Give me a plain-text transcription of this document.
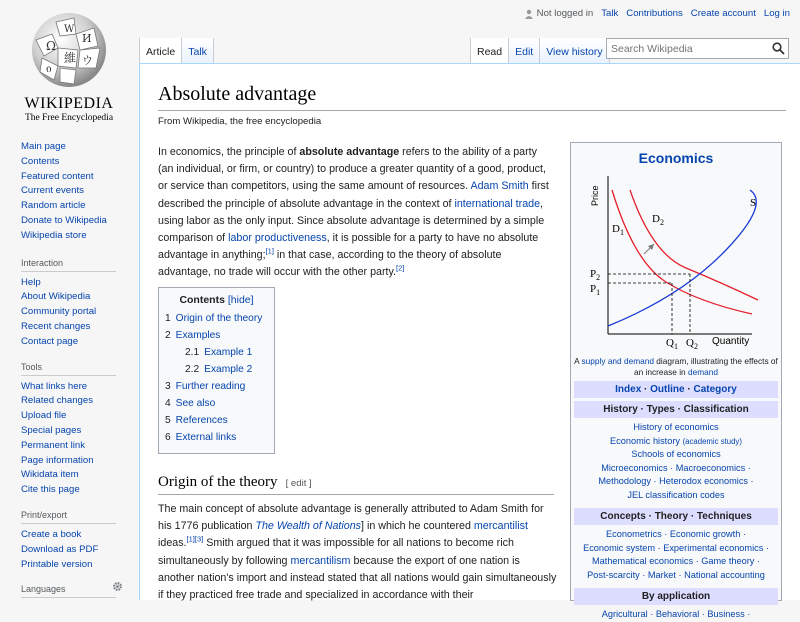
Ω
W
И
維 ウ
ი
WIKIPEDIA
The Free Encyclopedia
Not logged in Talk Contributions Create account Log in
Article	Talk	Read	Edit	View history
Search Wikipedia
Main page
Contents
Featured content
Current events
Random article
Donate to Wikipedia
Wikipedia store
Interaction
Help
About Wikipedia
Community portal
Recent changes
Contact page
Tools
What links here
Related changes
Upload file
Special pages
Permanent link
Page information
Wikidata item
Cite this page
Print/export
Create a book
Download as PDF
Printable version
Languages
Absolute advantage
From Wikipedia, the free encyclopedia

In economics, the principle of absolute advantage refers to the ability of a party (an individual, or firm, or country) to produce a greater quantity of a good, product, or service than competitors, using the same amount of resources. Adam Smith first described the principle of absolute advantage in the context of international trade, using labor as the only input. Since absolute advantage is determined by a simple comparison of labor productiveness, it is possible for a party to have no absolute advantage in anything;[1] in that case, according to the theory of absolute advantage, no trade will occur with the other party.[2]

Contents [hide]
1 Origin of the theory
2 Examples
2.1 Example 1
2.2 Example 2
3 Further reading
4 See also
5 References
6 External links
Origin of the theory [ edit ]

The main concept of absolute advantage is generally attributed to Adam Smith for his 1776 publication The Wealth of Nations] in which he countered mercantilist ideas.[1][3] Smith argued that it was impossible for all nations to become rich simultaneously by following mercantilism because the export of one nation is another nation's import and instead stated that all nations would gain simultaneously if they practiced free trade and specialized in accordance with their

Economics
Price
Quantity
S
$D_1$
$D_2$
$P_2$
$P_1$
$Q_1$ $Q_2$
A supply and demand diagram, illustrating the effects of an increase in demand
Index · Outline · Category
History · Types · Classification
History of economics
Economic history (academic study)
Schools of economics
Microeconomics · Macroeconomics ·
Methodology · Heterodox economics ·
JEL classification codes
Concepts · Theory · Techniques
Econometrics · Economic growth ·
Economic system · Experimental economics ·
Mathematical economics · Game theory ·
Post-scarcity · Market · National accounting
By application
Agricultural · Behavioral · Business ·
